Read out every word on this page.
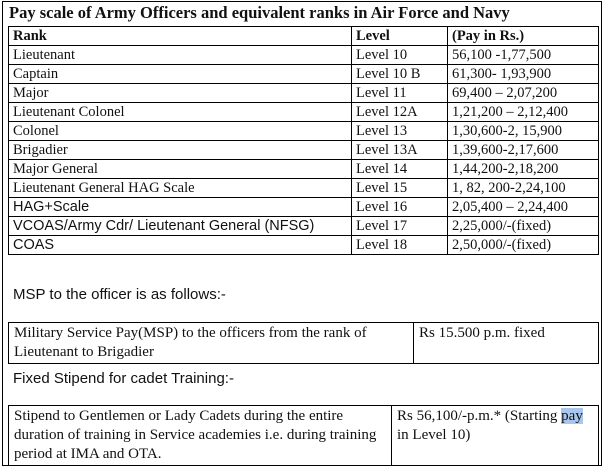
Pay scale of Army Officers and equivalent ranks in Air Force and Navy
Rank	Level	(Pay in Rs.)
Lieutenant	Level 10	56,100 -1,77,500
Captain	Level 10 B	61,300- 1,93,900
Major	Level 11	69,400 – 2,07,200
Lieutenant Colonel	Level 12A	1,21,200 – 2,12,400
Colonel	Level 13	1,30,600-2, 15,900
Brigadier	Level 13A	1,39,600-2,17,600
Major General	Level 14	1,44,200-2,18,200
Lieutenant General HAG Scale	Level 15	1, 82, 200-2,24,100
HAG+Scale	Level 16	2,05,400 – 2,24,400
VCOAS/Army Cdr/ Lieutenant General (NFSG)	Level 17	2,25,000/-(fixed)
COAS	Level 18	2,50,000/-(fixed)
MSP to the officer is as follows:-
Military Service Pay(MSP) to the officers from the rank of Lieutenant to Brigadier	Rs 15.500 p.m. fixed
Fixed Stipend for cadet Training:-
Stipend to Gentlemen or Lady Cadets during the entire duration of training in Service academies i.e. during training period at IMA and OTA.	Rs 56,100/-p.m.* (Starting pay in Level 10)
